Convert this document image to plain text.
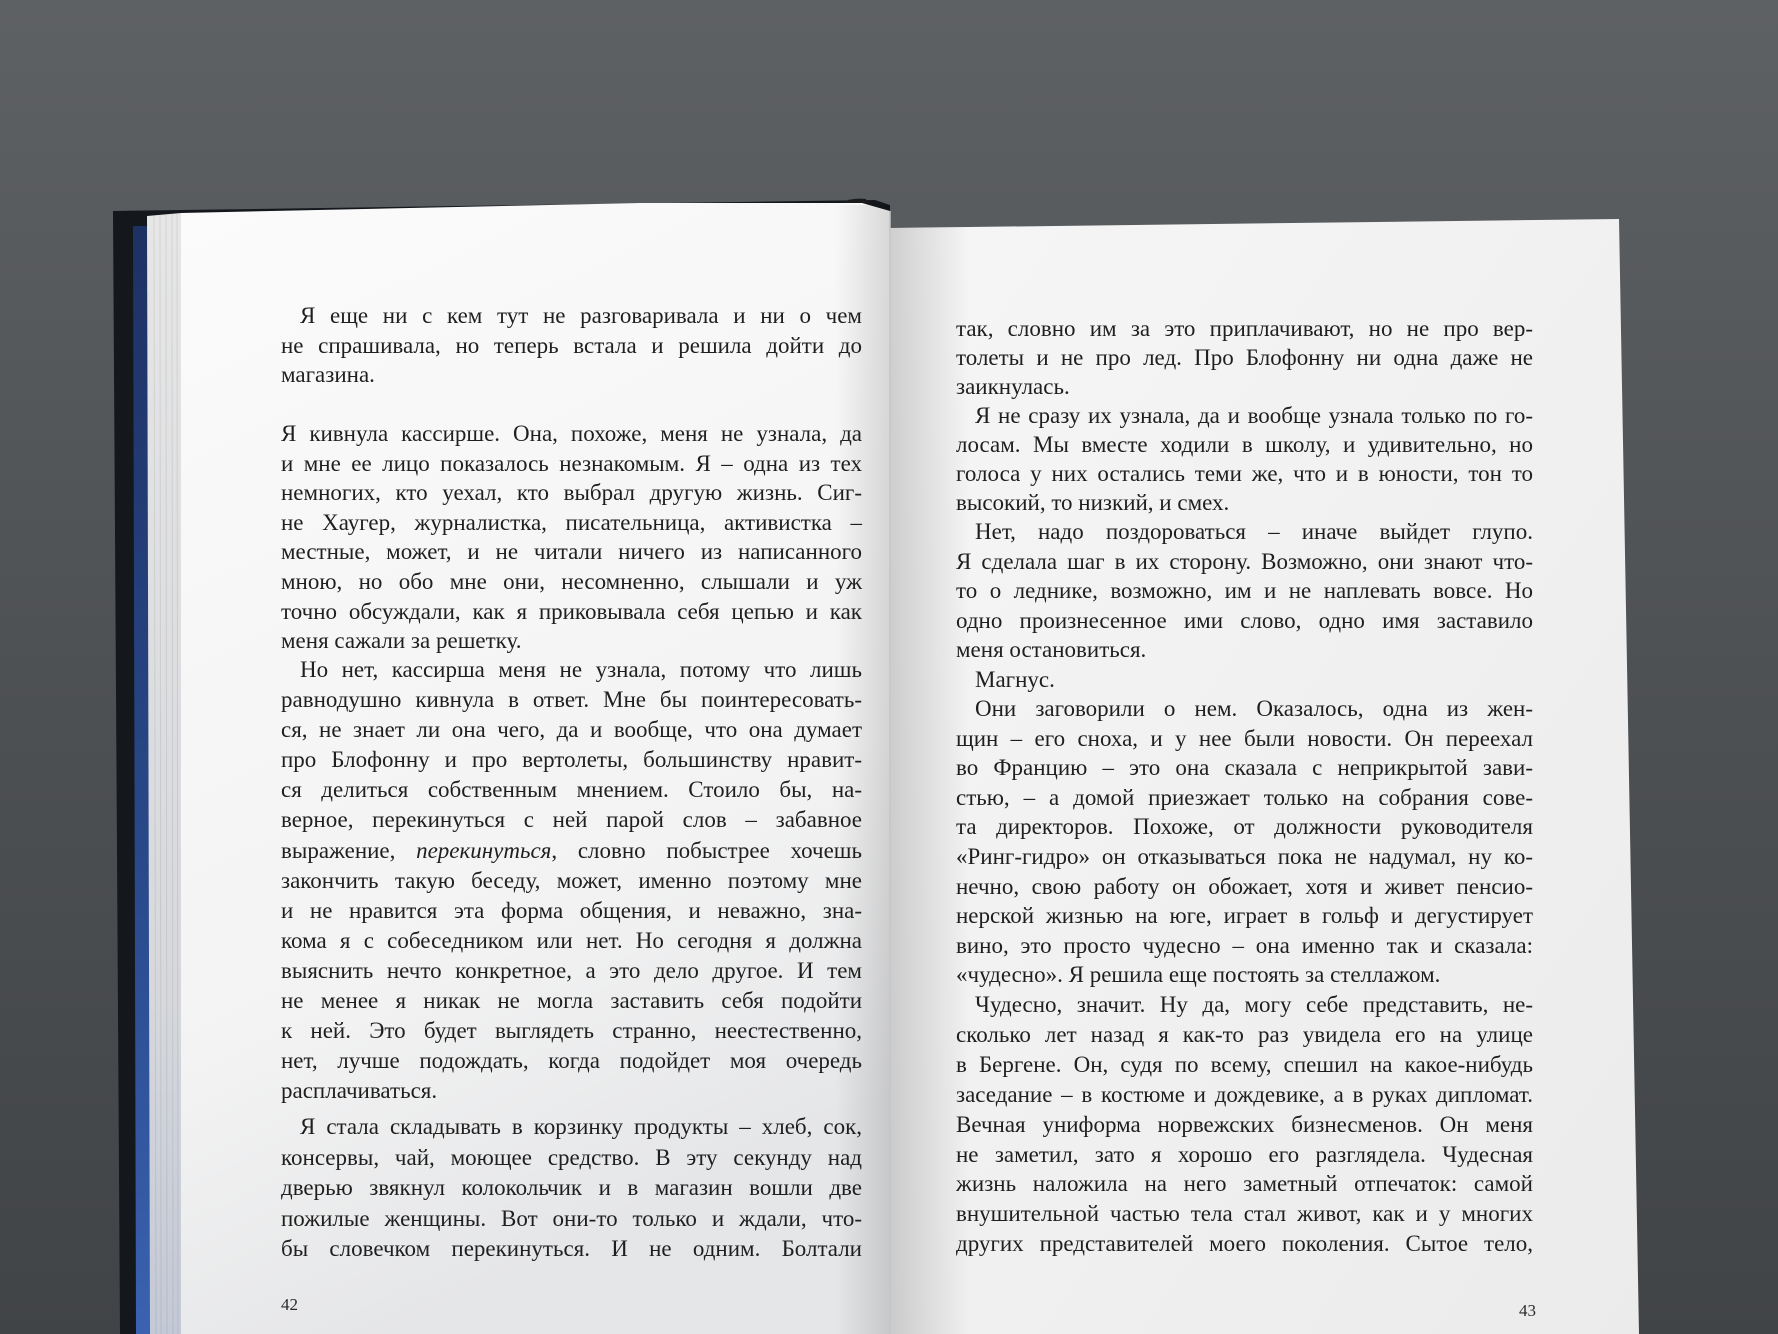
Я еще ни с кем тут не разговаривала и ни о чем
не спрашивала, но теперь встала и решила дойти до
магазина.
Я кивнула кассирше. Она, похоже, меня не узнала, да
и мне ее лицо показалось незнакомым. Я – одна из тех
немногих, кто уехал, кто выбрал другую жизнь. Сиг-
не Хаугер, журналистка, писательница, активистка –
местные, может, и не читали ничего из написанного
мною, но обо мне они, несомненно, слышали и уж
точно обсуждали, как я приковывала себя цепью и как
меня сажали за решетку.
Но нет, кассирша меня не узнала, потому что лишь
равнодушно кивнула в ответ. Мне бы поинтересовать-
ся, не знает ли она чего, да и вообще, что она думает
про Блофонну и про вертолеты, большинству нравит-
ся делиться собственным мнением. Стоило бы, на-
верное, перекинуться с ней парой слов – забавное
выражение, перекинуться, словно побыстрее хочешь
закончить такую беседу, может, именно поэтому мне
и не нравится эта форма общения, и неважно, зна-
кома я с собеседником или нет. Но сегодня я должна
выяснить нечто конкретное, а это дело другое. И тем
не менее я никак не могла заставить себя подойти
к ней. Это будет выглядеть странно, неестественно,
нет, лучше подождать, когда подойдет моя очередь
расплачиваться.
Я стала складывать в корзинку продукты – хлеб, сок,
консервы, чай, моющее средство. В эту секунду над
дверью звякнул колокольчик и в магазин вошли две
пожилые женщины. Вот они-то только и ждали, что-
бы словечком перекинуться. И не одним. Болтали
42
так, словно им за это приплачивают, но не про вер-
толеты и не про лед. Про Блофонну ни одна даже не
заикнулась.
Я не сразу их узнала, да и вообще узнала только по го-
лосам. Мы вместе ходили в школу, и удивительно, но
голоса у них остались теми же, что и в юности, тон то
высокий, то низкий, и смех.
Нет, надо поздороваться – иначе выйдет глупо.
Я сделала шаг в их сторону. Возможно, они знают что-
то о леднике, возможно, им и не наплевать вовсе. Но
одно произнесенное ими слово, одно имя заставило
меня остановиться.
Магнус.
Они заговорили о нем. Оказалось, одна из жен-
щин – его сноха, и у нее были новости. Он переехал
во Францию – это она сказала с неприкрытой зави-
стью, – а домой приезжает только на собрания сове-
та директоров. Похоже, от должности руководителя
«Ринг-гидро» он отказываться пока не надумал, ну ко-
нечно, свою работу он обожает, хотя и живет пенсио-
нерской жизнью на юге, играет в гольф и дегустирует
вино, это просто чудесно – она именно так и сказала:
«чудесно». Я решила еще постоять за стеллажом.
Чудесно, значит. Ну да, могу себе представить, не-
сколько лет назад я как-то раз увидела его на улице
в Бергене. Он, судя по всему, спешил на какое-нибудь
заседание – в костюме и дождевике, а в руках дипломат.
Вечная униформа норвежских бизнесменов. Он меня
не заметил, зато я хорошо его разглядела. Чудесная
жизнь наложила на него заметный отпечаток: самой
внушительной частью тела стал живот, как и у многих
других представителей моего поколения. Сытое тело,
43
